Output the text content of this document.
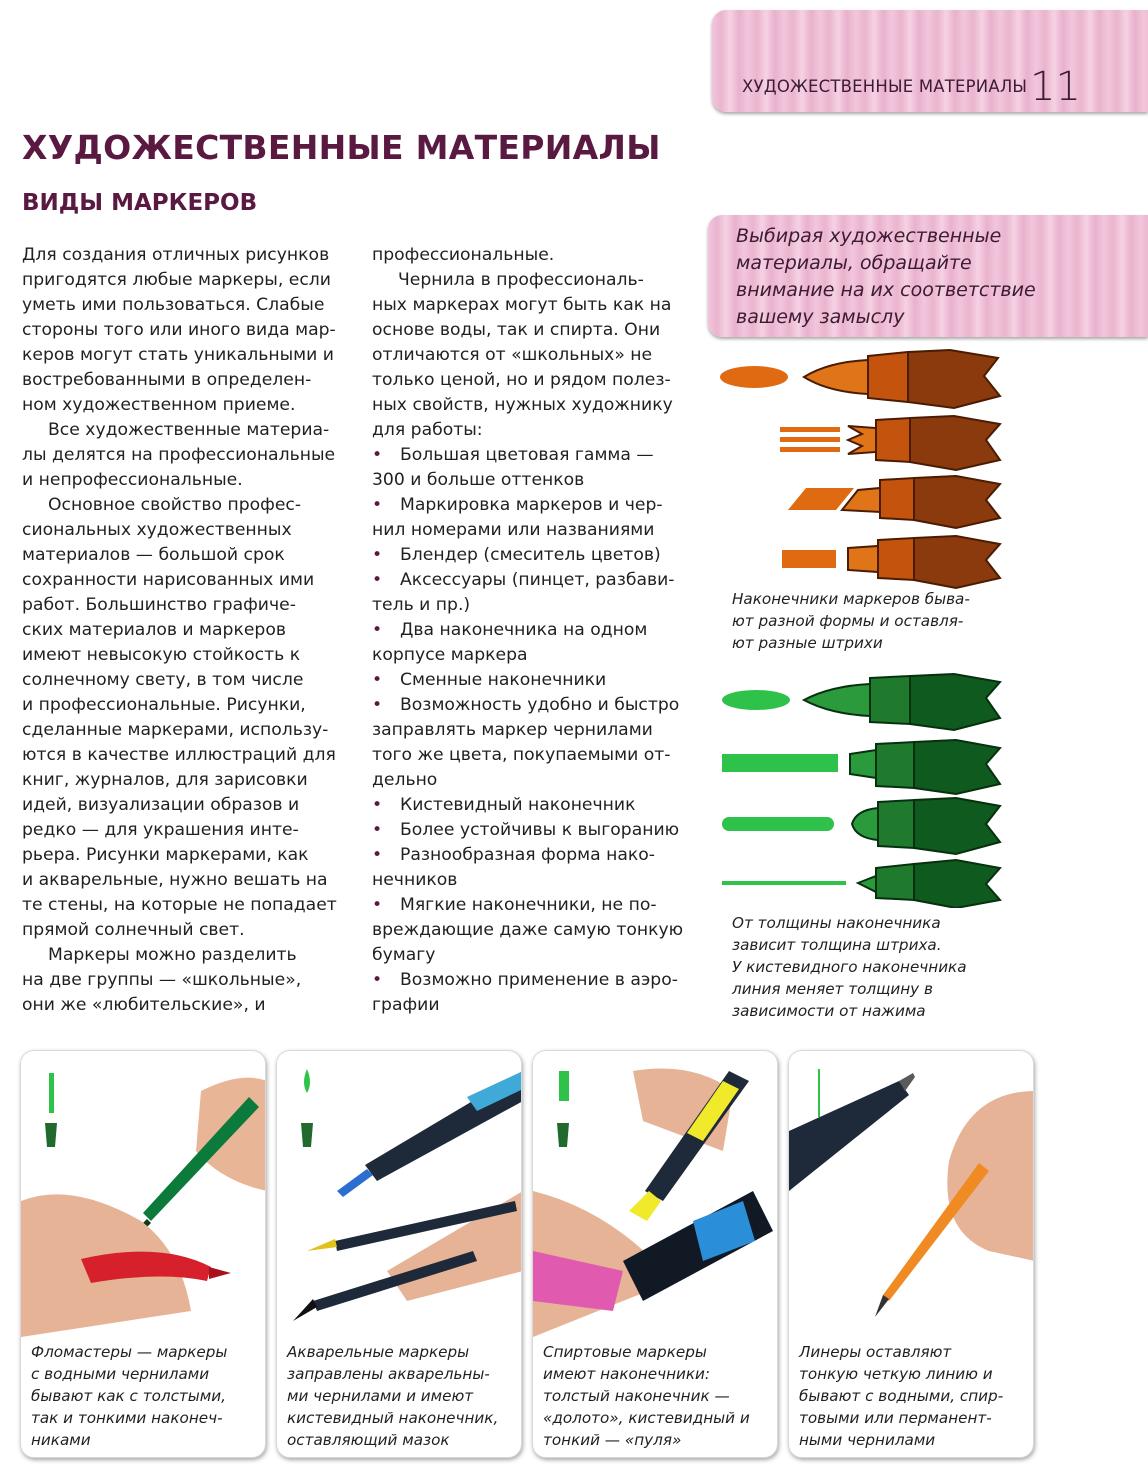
ХУДОЖЕСТВЕННЫЕ МАТЕРИАЛЫ 11
ХУДОЖЕСТВЕННЫЕ МАТЕРИАЛЫ
ВИДЫ МАРКЕРОВ

Для создания отличных рисунков

пригодятся любые маркеры, если

уметь ими пользоваться. Слабые

стороны того или иного вида мар-

керов могут стать уникальными и

востребованными в определен-

ном художественном приеме.

Все художественные материа-

лы делятся на профессиональные

и непрофессиональные.

Основное свойство профес-

сиональных художественных

материалов — большой срок

сохранности нарисованных ими

работ. Большинство графиче-

ских материалов и маркеров

имеют невысокую стойкость к

солнечному свету, в том числе

и профессиональные. Рисунки,

сделанные маркерами, использу-

ются в качестве иллюстраций для

книг, журналов, для зарисовки

идей, визуализации образов и

редко — для украшения инте-

рьера. Рисунки маркерами, как

и акварельные, нужно вешать на

те стены, на которые не попадает

прямой солнечный свет.

Маркеры можно разделить

на две группы — «школьные»,

они же «любительские», и

профессиональные.

Чернила в профессиональ-

ных маркерах могут быть как на

основе воды, так и спирта. Они

отличаются от «школьных» не

только ценой, но и рядом полез-

ных свойств, нужных художнику

для работы:

• Большая цветовая гамма —

300 и больше оттенков

• Маркировка маркеров и чер-

нил номерами или названиями

• Блендер (смеситель цветов)

• Аксессуары (пинцет, разбави-

тель и пр.)

• Два наконечника на одном

корпусе маркера

• Сменные наконечники

• Возможность удобно и быстро

заправлять маркер чернилами

того же цвета, покупаемыми от-

дельно

• Кистевидный наконечник

• Более устойчивы к выгоранию

• Разнообразная форма нако-

нечников

• Мягкие наконечники, не по-

вреждающие даже самую тонкую

бумагу

• Возможно применение в аэро-

графии

Выбирая художественные
материалы, обращайте
внимание на их соответствие
вашему замыслу

Наконечники маркеров быва-

ют разной формы и оставля-

ют разные штрихи

От толщины наконечника

зависит толщина штриха.

У кистевидного наконечника

линия меняет толщину в

зависимости от нажима

Фломастеры — маркеры

с водными чернилами

бывают как с толстыми,

так и тонкими наконеч-

никами

Акварельные маркеры

заправлены акварельны-

ми чернилами и имеют

кистевидный наконечник,

оставляющий мазок

Спиртовые маркеры

имеют наконечники:

толстый наконечник —

«долото», кистевидный и

тонкий — «пуля»

Линеры оставляют

тонкую четкую линию и

бывают с водными, спир-

товыми или перманент-

ными чернилами
